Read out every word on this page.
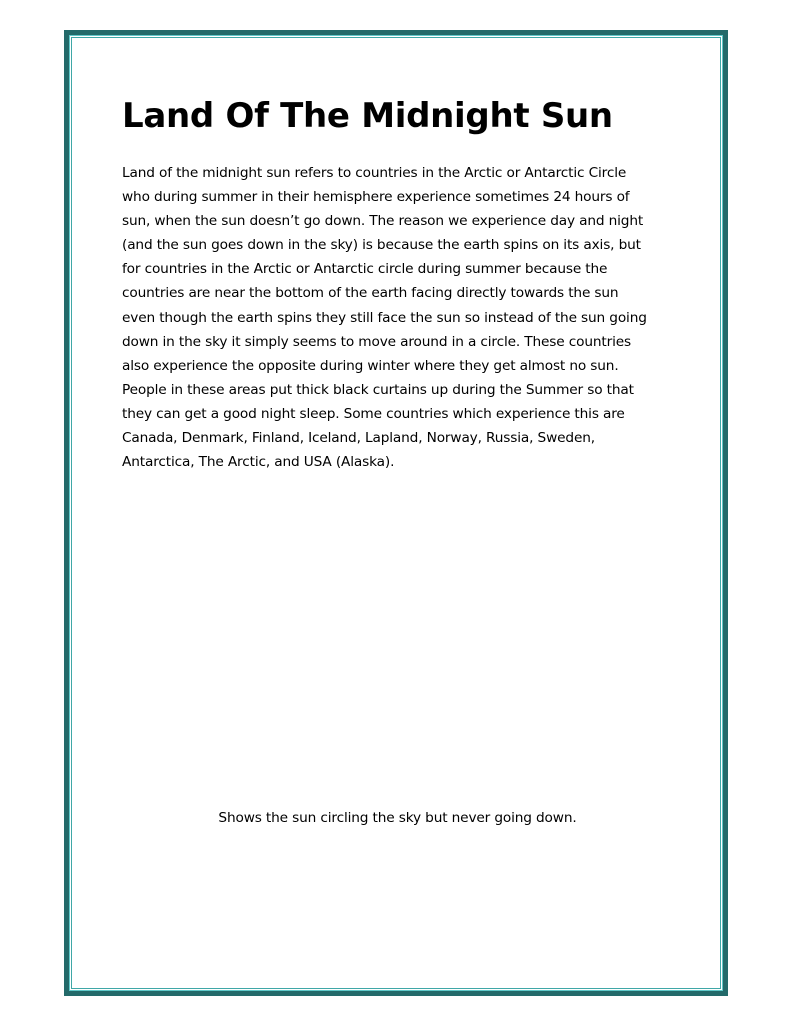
Land Of The Midnight Sun

Land of the midnight sun refers to countries in the Arctic or Antarctic Circle
who during summer in their hemisphere experience sometimes 24 hours of
sun, when the sun doesn’t go down. The reason we experience day and night
(and the sun goes down in the sky) is because the earth spins on its axis, but
for countries in the Arctic or Antarctic circle during summer because the
countries are near the bottom of the earth facing directly towards the sun
even though the earth spins they still face the sun so instead of the sun going
down in the sky it simply seems to move around in a circle. These countries
also experience the opposite during winter where they get almost no sun.
People in these areas put thick black curtains up during the Summer so that
they can get a good night sleep. Some countries which experience this are
Canada, Denmark, Finland, Iceland, Lapland, Norway, Russia, Sweden,
Antarctica, The Arctic, and USA (Alaska).

Shows the sun circling the sky but never going down.
